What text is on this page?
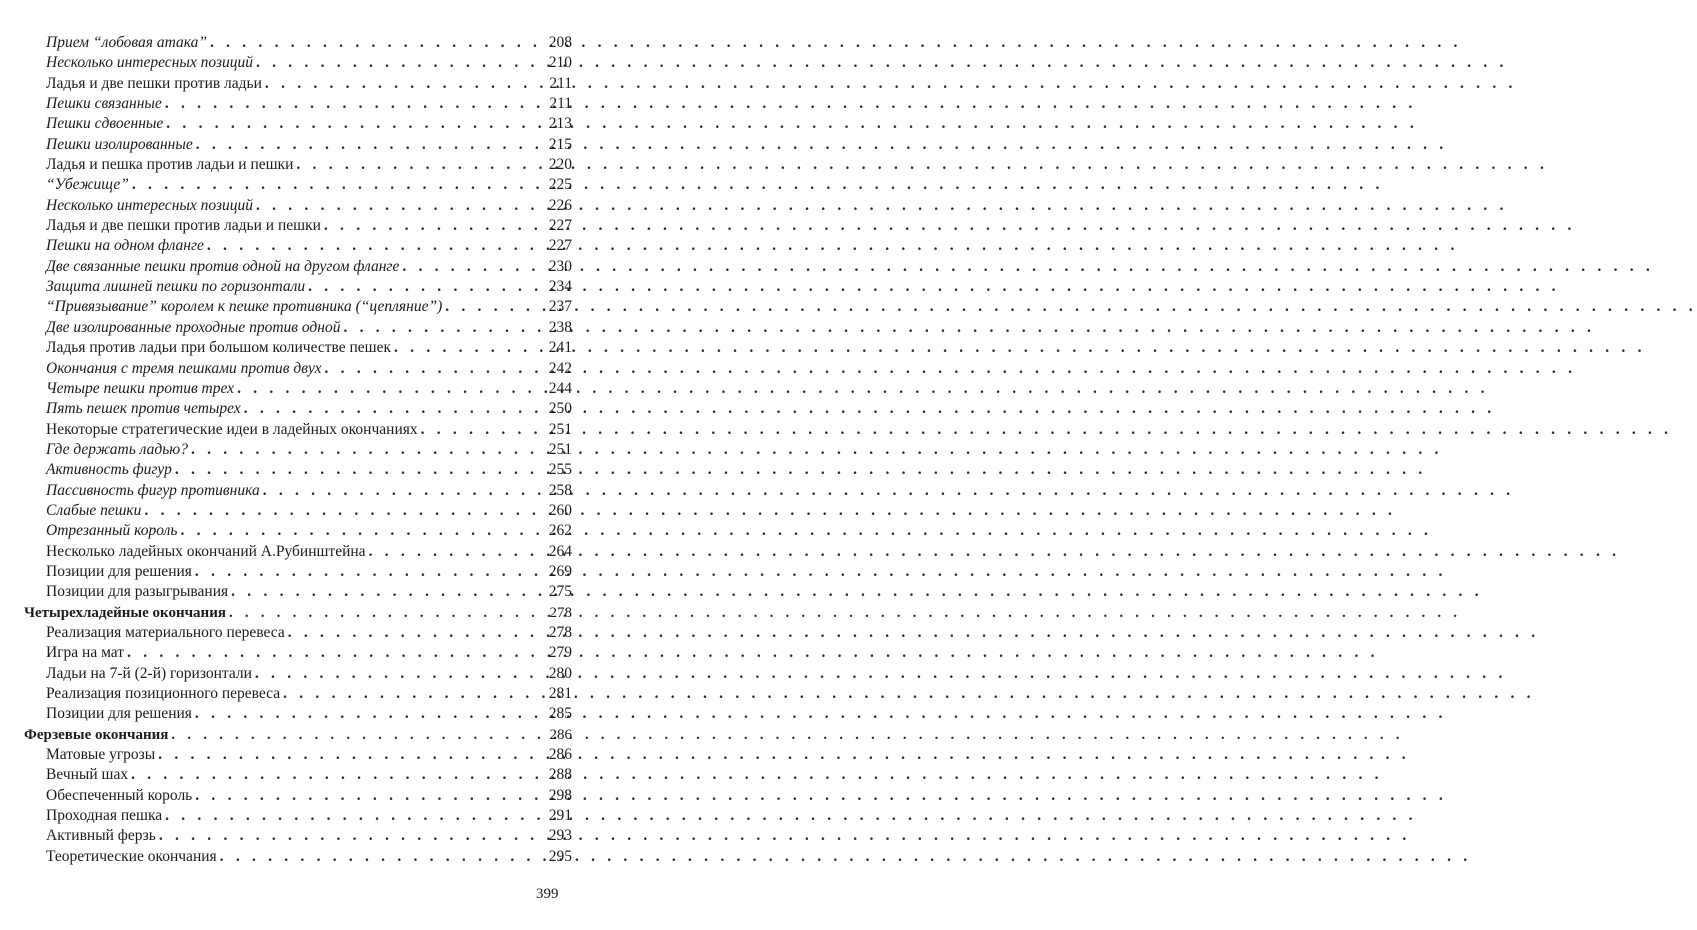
Прием “лобовая атака” . . .	208
Несколько интересных позиций . . .	210
Ладья и две пешки против ладьи . . .	211
Пешки связанные . . .	211
Пешки сдвоенные . . .	213
Пешки изолированные . . .	215
Ладья и пешка против ладьи и пешки . . .	220
“Убежище” . . .	225
Несколько интересных позиций . . .	226
Ладья и две пешки против ладьи и пешки . . .	227
Пешки на одном фланге . . .	227
Две связанные пешки против одной на другом фланге . . .	230
Защита лишней пешки по горизонтали . . .	234
“Привязывание” королем к пешке противника (“цепляние”) . . .	237
Две изолированные проходные против одной . . .	238
Ладья против ладьи при большом количестве пешек . . .	241
Окончания с тремя пешками против двух . . .	242
Четыре пешки против трех . . .	244
Пять пешек против четырех . . .	250
Некоторые стратегические идеи в ладейных окончаниях . . .	251
Где держать ладью? . . .	251
Активность фигур . . .	255
Пассивность фигур противника . . .	258
Слабые пешки . . .	260
Отрезанный король . . .	262
Несколько ладейных окончаний А.Рубинштейна . . .	264
Позиции для решения . . .	269
Позиции для разыгрывания . . .	275
Четырехладейные окончания . . .	278
Реализация материального перевеса . . .	278
Игра на мат . . .	279
Ладьи на 7-й (2-й) горизонтали . . .	280
Реализация позиционного перевеса . . .	281
Позиции для решения . . .	285
Ферзевые окончания . . .	286
Матовые угрозы . . .	286
Вечный шах . . .	288
Обеспеченный король . . .	298
Проходная пешка . . .	291
Активный ферзь . . .	293
Теоретические окончания . . .	295
399
